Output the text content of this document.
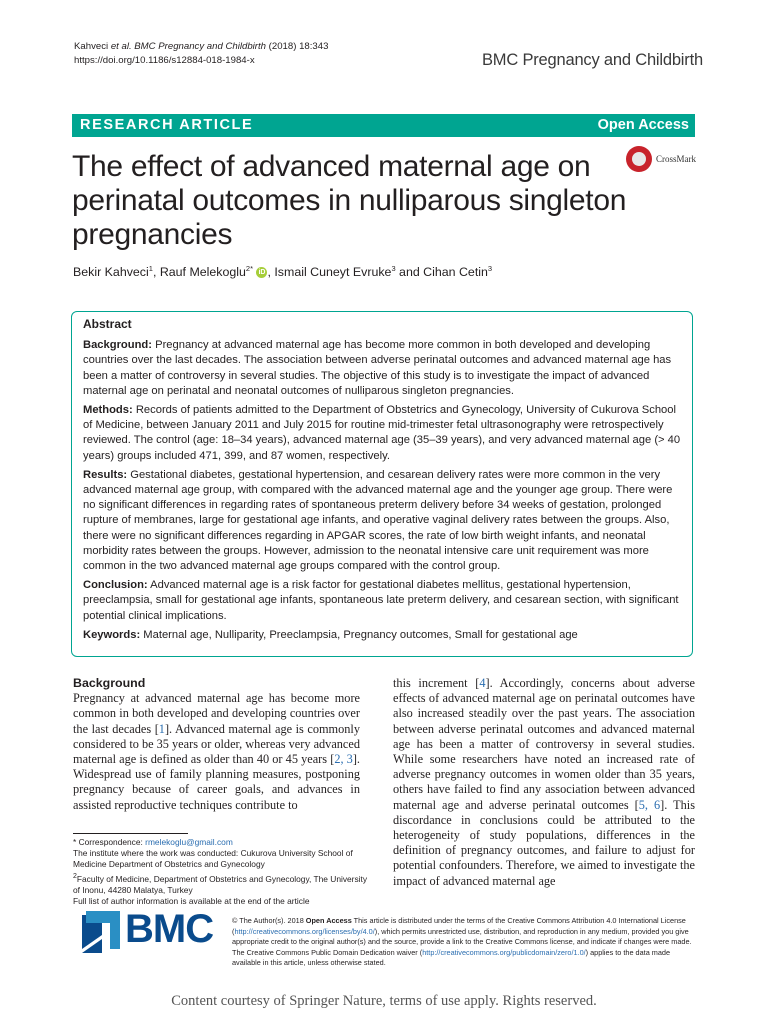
Kahveci et al. BMC Pregnancy and Childbirth (2018) 18:343
https://doi.org/10.1186/s12884-018-1984-x	BMC Pregnancy and Childbirth
RESEARCH ARTICLE	Open Access
The effect of advanced maternal age on perinatal outcomes in nulliparous singleton pregnancies
CrossMark
Bekir Kahveci$^1$, Rauf Melekoglu$^{2*}$ iD , Ismail Cuneyt Evruke$^3$ and Cihan Cetin$^3$
Abstract

Background: Pregnancy at advanced maternal age has become more common in both developed and developing countries over the last decades. The association between adverse perinatal outcomes and advanced maternal age has been a matter of controversy in several studies. The objective of this study is to investigate the impact of advanced maternal age on perinatal and neonatal outcomes of nulliparous singleton pregnancies.

Methods: Records of patients admitted to the Department of Obstetrics and Gynecology, University of Cukurova School of Medicine, between January 2011 and July 2015 for routine mid-trimester fetal ultrasonography were retrospectively reviewed. The control (age: 18–34 years), advanced maternal age (35–39 years), and very advanced maternal age (> 40 years) groups included 471, 399, and 87 women, respectively.

Results: Gestational diabetes, gestational hypertension, and cesarean delivery rates were more common in the very advanced maternal age group, with compared with the advanced maternal age and the younger age group. There were no significant differences in regarding rates of spontaneous preterm delivery before 34 weeks of gestation, prolonged rupture of membranes, large for gestational age infants, and operative vaginal delivery rates between the groups. Also, there were no significant differences regarding in APGAR scores, the rate of low birth weight infants, and neonatal morbidity rates between the groups. However, admission to the neonatal intensive care unit requirement was more common in the two advanced maternal age groups compared with the control group.

Conclusion: Advanced maternal age is a risk factor for gestational diabetes mellitus, gestational hypertension, preeclampsia, small for gestational age infants, spontaneous late preterm delivery, and cesarean section, with significant potential clinical implications.

Keywords: Maternal age, Nulliparity, Preeclampsia, Pregnancy outcomes, Small for gestational age

Background

Pregnancy at advanced maternal age has become more common in both developed and developing countries over the last decades [1]. Advanced maternal age is commonly considered to be 35 years or older, whereas very advanced maternal age is defined as older than 40 or 45 years [2, 3]. Widespread use of family planning measures, postponing pregnancy because of career goals, and advances in assisted reproductive techniques contribute to

this increment [4]. Accordingly, concerns about adverse effects of advanced maternal age on perinatal outcomes have also increased steadily over the past years. The association between adverse perinatal outcomes and advanced maternal age has been a matter of controversy in several studies. While some researchers have noted an increased rate of adverse pregnancy outcomes in women older than 35 years, others have failed to find any association between advanced maternal age and adverse perinatal outcomes [5, 6]. This discordance in conclusions could be attributed to the heterogeneity of study populations, differences in the definition of pregnancy outcomes, and failure to adjust for potential confounders. Therefore, we aimed to investigate the impact of advanced maternal age

* Correspondence: rmelekoglu@gmail.com

The institute where the work was conducted: Cukurova University School of Medicine Department of Obstetrics and Gynecology

$^2$Faculty of Medicine, Department of Obstetrics and Gynecology, The University of Inonu, 44280 Malatya, Turkey

Full list of author information is available at the end of the article

BMC	© The Author(s). 2018 Open Access This article is distributed under the terms of the Creative Commons Attribution 4.0 International License (http://creativecommons.org/licenses/by/4.0/), which permits unrestricted use, distribution, and reproduction in any medium, provided you give appropriate credit to the original author(s) and the source, provide a link to the Creative Commons license, and indicate if changes were made. The Creative Commons Public Domain Dedication waiver (http://creativecommons.org/publicdomain/zero/1.0/) applies to the data made available in this article, unless otherwise stated.
Content courtesy of Springer Nature, terms of use apply. Rights reserved.
